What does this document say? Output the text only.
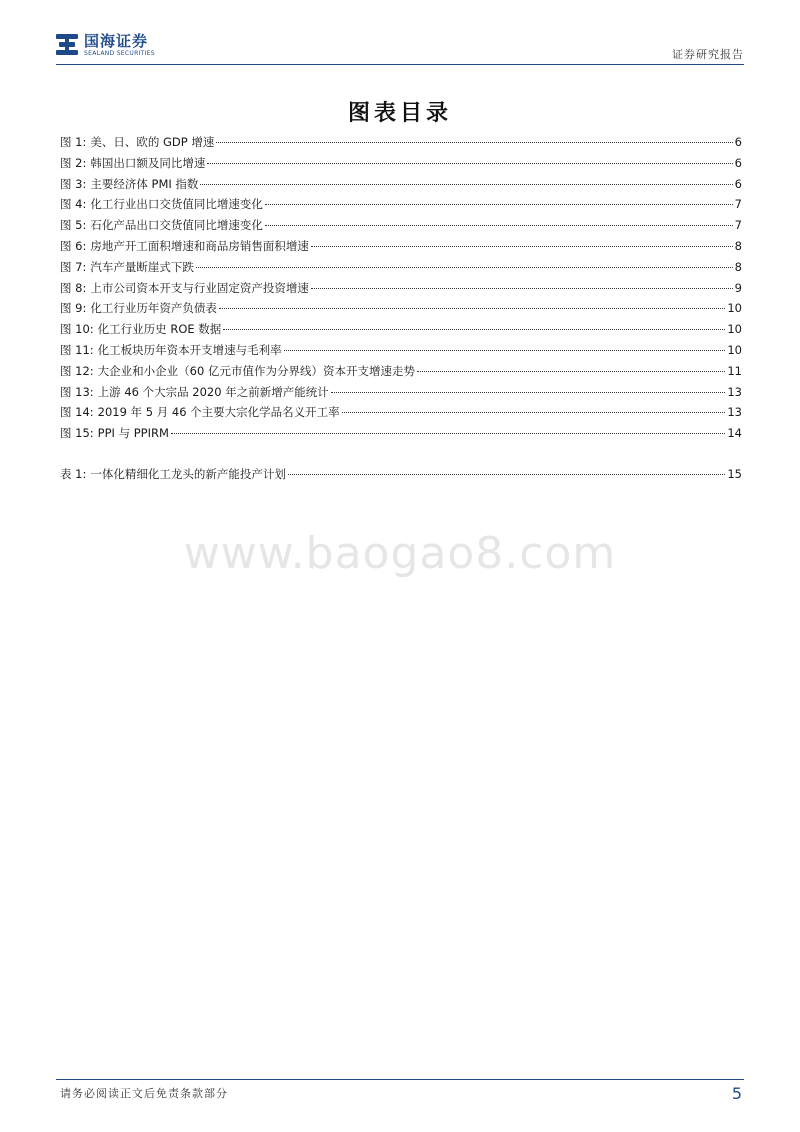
国海证券
SEALAND SECURITIES	证券研究报告
图表目录
图 1: 美、日、欧的 GDP 增速	6
图 2: 韩国出口额及同比增速	6
图 3: 主要经济体 PMI 指数	6
图 4: 化工行业出口交货值同比增速变化	7
图 5: 石化产品出口交货值同比增速变化	7
图 6: 房地产开工面积增速和商品房销售面积增速	8
图 7: 汽车产量断崖式下跌	8
图 8: 上市公司资本开支与行业固定资产投资增速	9
图 9: 化工行业历年资产负债表	10
图 10: 化工行业历史 ROE 数据	10
图 11: 化工板块历年资本开支增速与毛利率	10
图 12: 大企业和小企业（60 亿元市值作为分界线）资本开支增速走势	11
图 13: 上游 46 个大宗品 2020 年之前新增产能统计	13
图 14: 2019 年 5 月 46 个主要大宗化学品名义开工率	13
图 15: PPI 与 PPIRM	14
表 1: 一体化精细化工龙头的新产能投产计划	15
www.baogao8.com
请务必阅读正文后免责条款部分	5
